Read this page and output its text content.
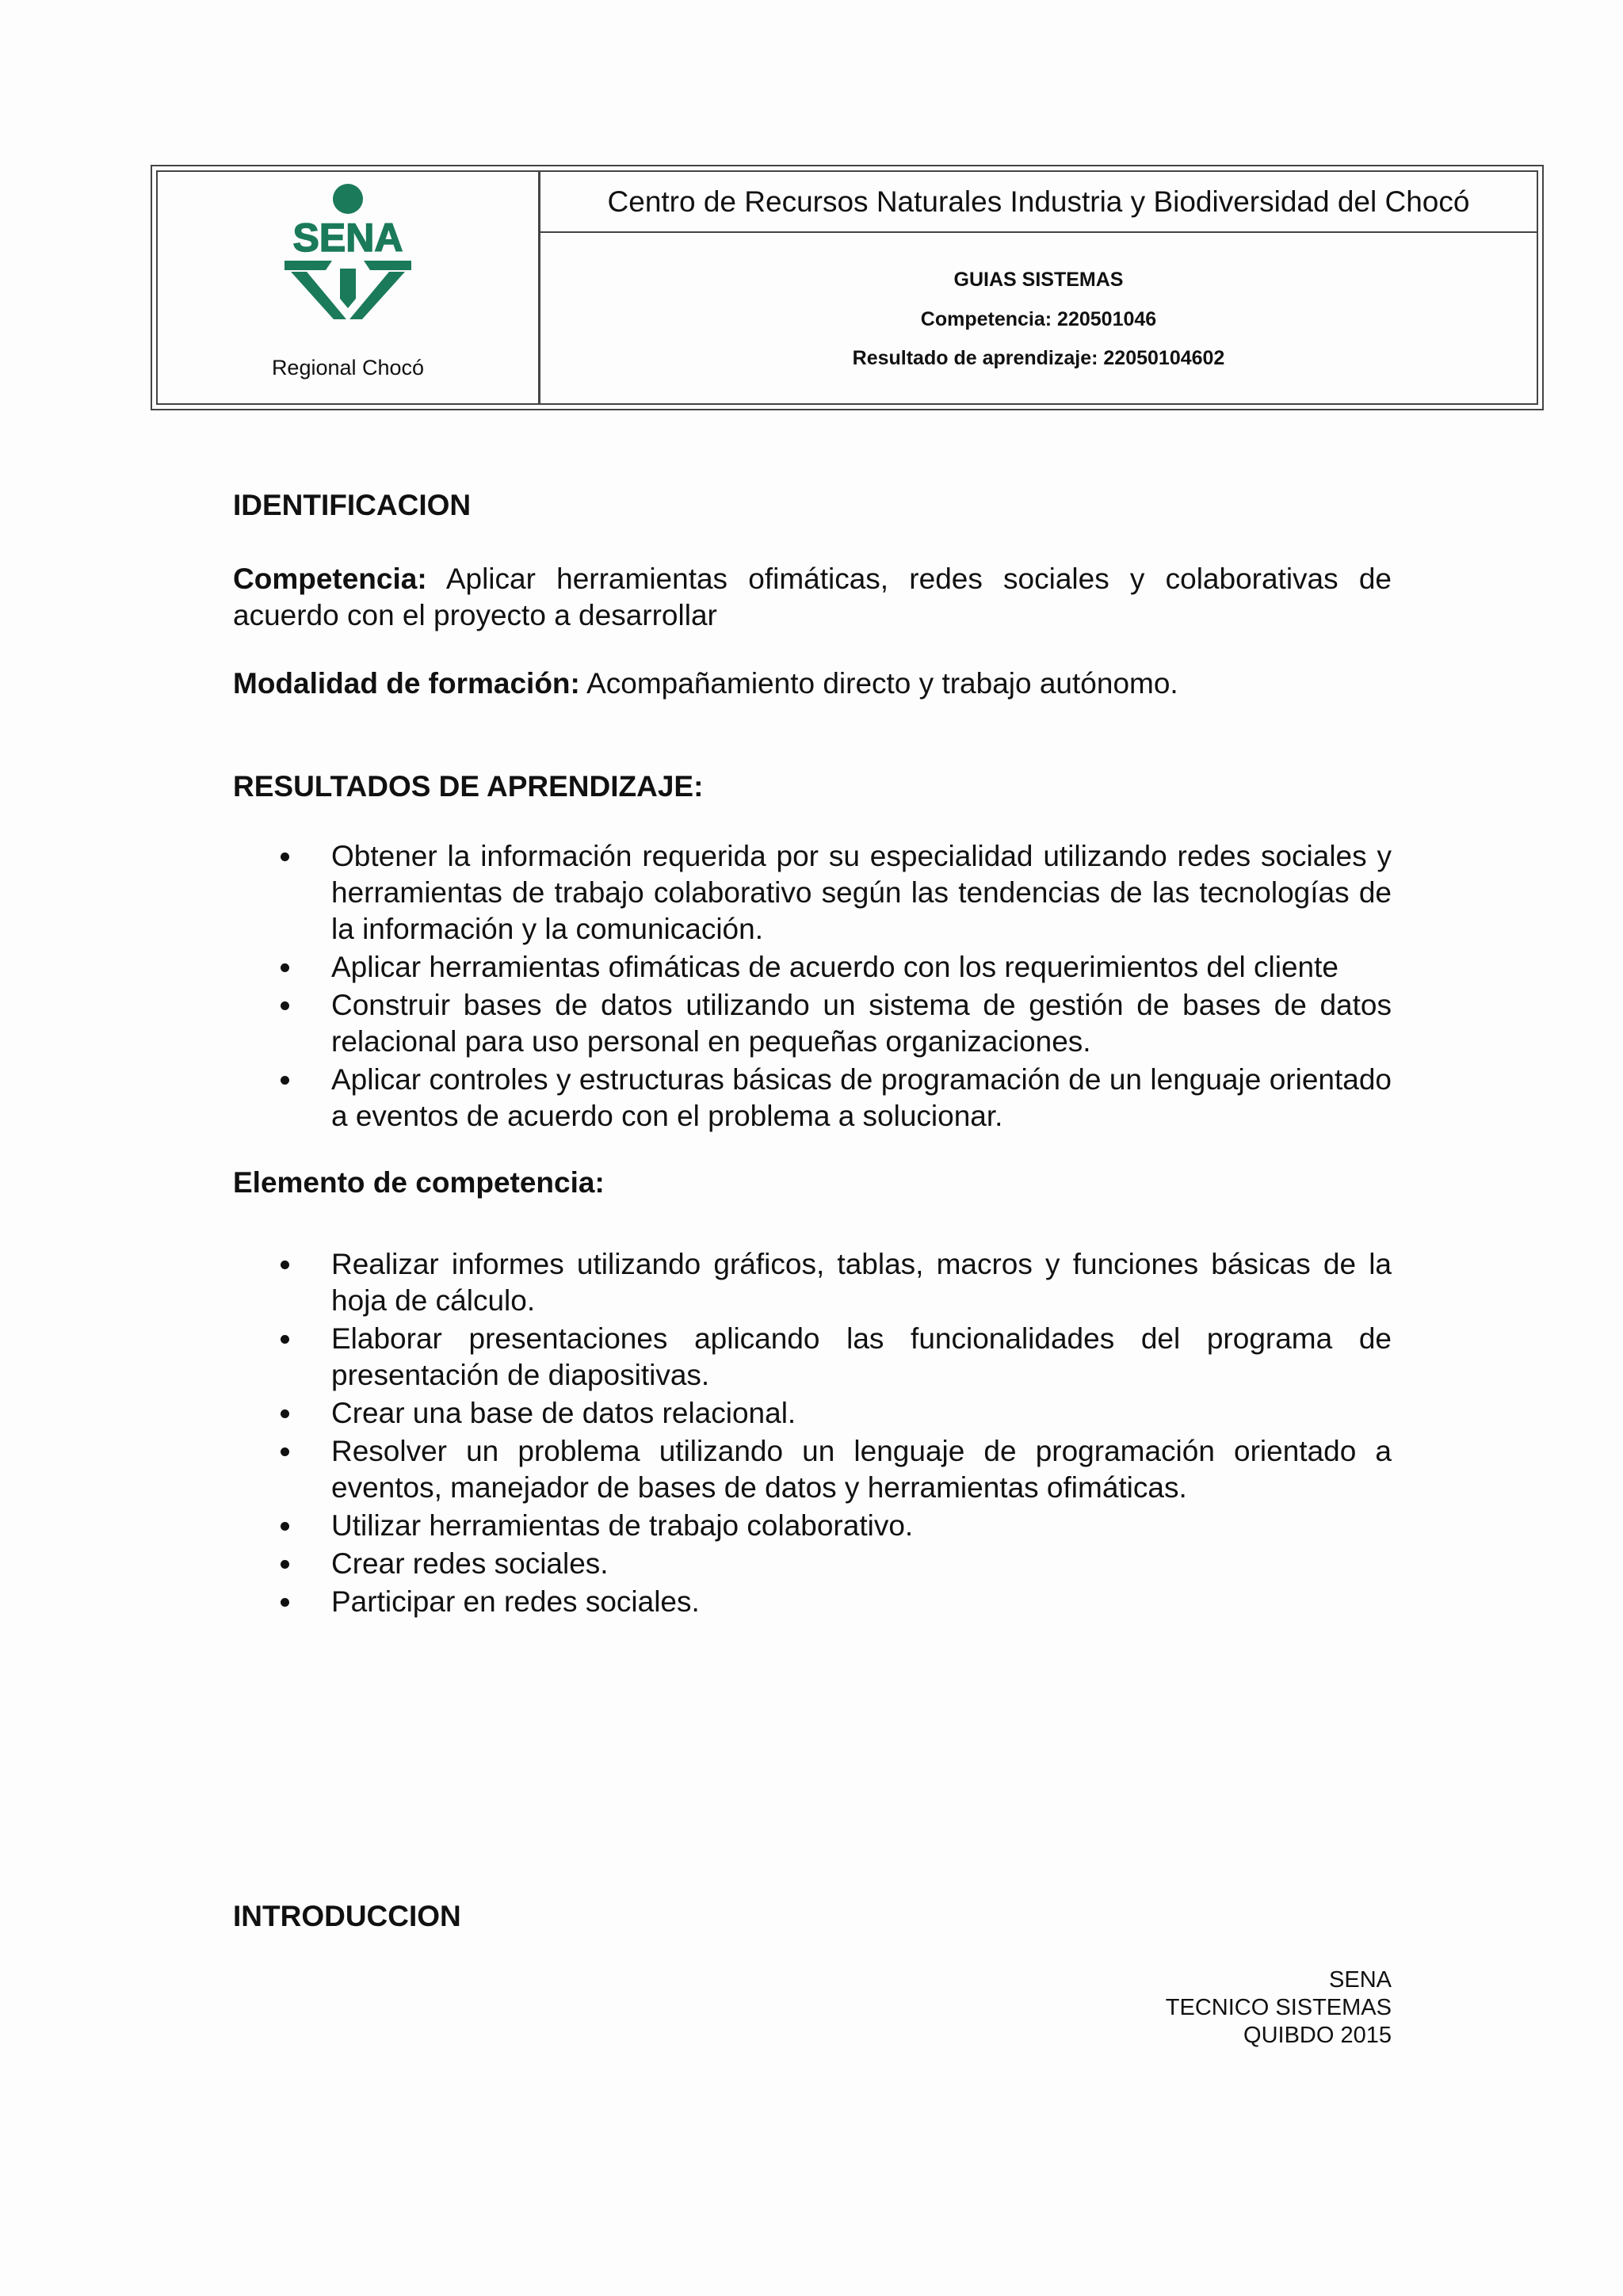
SENA
Regional Chocó
Centro de Recursos Naturales Industria y Biodiversidad del Chocó
GUIAS SISTEMAS
Competencia: 220501046
Resultado de aprendizaje: 22050104602
IDENTIFICACION
Competencia: Aplicar herramientas ofimáticas, redes sociales y colaborativas de acuerdo con el proyecto a desarrollar
Modalidad de formación: Acompañamiento directo y trabajo autónomo.
RESULTADOS DE APRENDIZAJE:
Obtener la información requerida por su especialidad utilizando redes sociales y herramientas de trabajo colaborativo según las tendencias de las tecnologías de la información y la comunicación.
Aplicar herramientas ofimáticas de acuerdo con los requerimientos del cliente
Construir bases de datos utilizando un sistema de gestión de bases de datos relacional para uso personal en pequeñas organizaciones.
Aplicar controles y estructuras básicas de programación de un lenguaje orientado a eventos de acuerdo con el problema a solucionar.
Elemento de competencia:
Realizar informes utilizando gráficos, tablas, macros y funciones básicas de la hoja de cálculo.
Elaborar presentaciones aplicando las funcionalidades del programa de presentación de diapositivas.
Crear una base de datos relacional.
Resolver un problema utilizando un lenguaje de programación orientado a eventos, manejador de bases de datos y herramientas ofimáticas.
Utilizar herramientas de trabajo colaborativo.
Crear redes sociales.
Participar en redes sociales.
INTRODUCCION
SENA
TECNICO SISTEMAS
QUIBDO 2015
